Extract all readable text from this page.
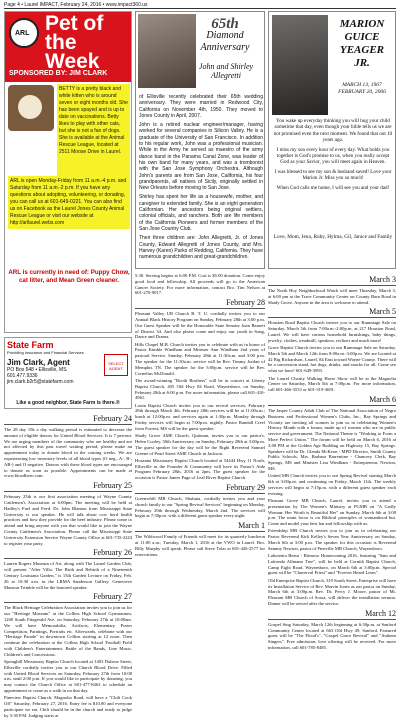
Page 4 • Laurel IMPACT, February 24, 2016 • www.impact360.us
ARL Pet of the Week
SPONSORED BY: JIM CLARK
BETTY is a pretty black and white kitten who is around seven or eight months old. She has been spayed and is up to date on vaccinations. Betty likes to play with other cats, but she is not a fan of dogs. She is available at the Animal Rescue League, located at 2511 Moose Drive in Laurel.
ARL is open Monday-Friday from 11 a.m.-4 p.m. and Saturday from 11 a.m.-2 p.m. If you have any questions about adopting, volunteering, or donating, you can call us at 601-649-0221. You can also find us on Facebook as the Laurel Jones County Animal Rescue League or visit our website at http://arllaurel.webs.com
ARL is currently in need of: Puppy Chow, cat litter, and Mean Green cleaner.
State Farm
Providing Insurance and Financial Services
Jim Clark, Agent
PO Box 548 • Ellisville, MS
601.477.9336
jim.clark.b2r5@statefarm.com
SELECT AGENT
Like a good neighbor, State Farm is there.®
February 24

The 28 day 15k a day walking period is estimated to decrease the amount of eligible donors for United Blood Services. It is 7 percent. We are urging members of the community who are healthy and are not affected by this past travel waiting period, please make an appointment today to donate blood in the coming weeks. We are experiencing low inventory levels of all blood types (O neg., A-, B-, AB-) and O negative. Donors with these blood types are encouraged to donate as soon as possible. Appointments can be made at www.bloodhero.com.

February 25

February 25th is our first association meeting of Wayne County Cattlemen's Association at 6:00pm. The meeting will be held at Hadley's Fuel and Feed. Dr. John Blanton from Mississippi State University is our speaker. He will talk about cow herd health practices and how they provide for the beef industry. Please come to attend and bring anyone with you that would like to join the Wayne County Cattlemen's Association. Please call the Mississippi State University Extension Service Wayne County Office at 601-735-2243 to register your party.

February 26

Lauren Rogers Museum of Art, along with The Laurel Garden Club, will present "After Villa: The Birth and Rebirth of a Nineteenth Century Louisiana Garden," is 13th Garden Lecture on Friday, Feb. 26 at 10:30 a.m. in the LRMA Sanderson Gallery. Genevieve Munson Trimble will be the honored speaker.

February 27

The Black Heritage Celebration Association invites you to join us for our "Heritage Museum" at the Collins High School Gymnasium, 1200 South Fitzgerald Ave. on Saturday, February 27th at 10:00am. We will have Memorabilia, Artifacts, Elementary Poster Competition, Paintings, Portraits etc. Afterwards, celebrate with our "Heritage Parade" in downtown Collins starting at 12 noon. Then continue the celebration at the Collins High School Football Field with Children's Entertainment, Battle of the Bands, Line Music, Children's and Concessions.

Springhill Missionary Baptist Church located at 1403 Dubose Street, Ellisville cordially invites you to our Church Blood Drive. Filled with United Blood Services on Saturday, February 27th from 10:00 a.m. until 2:00 p.m. If you would like to participate by donating, you may contact the Church Office at 601-477-8463 to schedule an appointment or come as a walk in on that day.

Pineview Baptist Church, Magnolia Road, will have a "Chili Cook Off" Saturday, February 27, 2016. Entry fee is $10.00 and everyone participate we eat. Chili should be in the church and ready to judge by 5:30 P.M. Judging starts at

65th
Diamond Anniversary
John and Shirley Allegretti

of Ellisville recently celebrated their 65th wedding anniversary. They were married in Redwood City, California on November 4th, 1950. They moved to Jones County in April, 2007.

John is a retired nuclear engineer/manager, having worked for several companies in Silicon Valley. He is a graduate of the University of San Francisco. In addition to his regular work, John was a professional musician. While in the Army he served as maestro of the army dance band in the Panama Canal Zone, was leader of his own band for many years, and was a trombonist with the San Jose Symphony Orchestra. Although John's parents are from San Jose, California, his four grandparents, all natives of Sicily, originally settled in New Orleans before moving to San Jose.

Shirley has spent her life as a housewife, mother, and caregiver to extended family. She is an eight generation Californian. Her ancestors being original settlers, colonial officials, and ranchers. Both are life members of the California Pioneers and former members of the San Jose Country Club.

Their three children are: John Allegretti, Jr. of Jones County, Edward Allegretti of Jones County, and Mrs. Harvey (Karen) Parks of Redding, California. They have numerous grandchildren and great-grandchildren.

5:30. Serving begins at 6:00 P.M. Cost is $5.00 donation. Come enjoy good food and fellowship. All proceeds will go to the American Cancer Society. For more information, contact Bro. Tim Nelson at 601-270-9017.

February 28

Pleasant Valley UB Church B. T. U. cordially invites you to our Annual Black History Program on Sunday, February 28th at 3:00 p.m. Our Guest Speaker will be the Honorable State Senator Juan Barnett of District 34. And also please come and enjoy our youth in Song, Dance and Drama.

Hills Chapel M.B. Church invites you to celebrate with us in honor of Pastor Kimble Windham and Minister Ann Windham 2nd years of pastoral Service. Sunday, February 28th at 11:30a.m. and 3:00 p.m. The speaker for the 11:30a.m. service will be Rev. Timmy Jordan of Memphis TN. The speaker for the 3:00p.m. service will be Rev. Cornelius McDonald.

The award-winning "Booth Brothers" will be in concert at Liberty Baptist Church, 405 Old Hwy 84 Road, Waynesboro, on Sunday, February 28th at 6:00 p.m. For more information, please call 601-410-4961.

Louin Baptist Church invites you to our revival services, February 28th through March 4th. February 28th services will be at 11:00a.m.; lunch at 12:00p.m. and services again at 1:30p.m. Monday through Friday services will begin at 7:00p.m. nightly. Pastor Randall Creel from Forrest, MS will be the guest speaker.

Shady Grove AME Church, Quitman, invites you to our pastor's, Helen Cooley, 50th Anniversary on Sunday, February 28th at 3:00p.m. The guest speaker for the day will be the Right Reverend Samuel Greene of Pearl Street AME Church in Jackson.

Hosanna Missionary Baptist Church located at 54444 Hwy 11 North, Ellisville as the Founder & Community will have its Pastor's Aide Program February 28th, 2016 at 2pm. The guest speaker for the occasion is Pastor James Page of Leaf River Baptist Church.

February 29

Greenwhill MB Church, Shubuta, cordially invites you and your church family to our "Spring Revival Services" beginning on Monday, February 29th through Wednesday, March 2nd. The services will begin at 7:30p.m. with a different guest speaker every night.

March 1

The Wildwood Family of Friends will meet for its quarterly luncheon at 11:00 a.m., Tuesday, March 1, 2016 at the VWO in Laurel. Bro. Billy Murphy will speak. Please call Steve Tolar at 601-426-2577 for reservations.

MARION GUICE YEAGER JR.
MARCH 13, 1967 FEBRUARY 20, 2006

You wake up everyday thinking you will hug your child sometime that day, even though your bible tells us we are not promised even the next moment. We found that out 10 years ago.

I miss my son every hour of every day. What holds you together is God's promise to us, when you really accept God as your Savior, you will meet again in Heaven.

I was blessed to see my son & husband saved! Love your Marion Jr. Miss you so much!

When God calls me home, I will see you and your dad!

Love, Mom, Jena, Ruby, Hylma, Gil, Janice and Family
March 3

The North Hoy Neighborhood Watch will meet Thursday, March 3, at 6:00 pm at the Trace Community Center on County Barn Road in Shady Grove. Anyone in the area is welcome to attend.

March 5

Houston Road Baptist Church invites you to our Rummage Sale on Saturday, March 5th from 7:00a.m.-2:00p.m. at 217 Houston Road, Laurel. We will have various household furnishings, baby things, jewelry, clothes, treadmill, speakers, recliner and much more!

Grace Baptist Church invites you to our Rummage Sale on Saturday, March 5th and March 12th from 8:00a.m.-3:00p.m. We are located at 42 Big Richardson, Laurel, 84 East toward Wayne County. There will be a concession stand, hot dogs, drinks, and snacks for all. Come see what we have! 601-649-3993.

The Laurel Charity Walking Horse Show will be at the Magnolia Center on Saturday, March 5th at 7:00p.m. For more information, call 601-466-3553 or 601-319-4691.

March 6

The Jasper County Adult Club of The National Association of Negro Business and Professional Women's Clubs, Inc., Bay Springs and Vicinity are inviting all women to join us in celebrating Women's History Month with a forum, made up of women who are in public service and government. The National Theme is "Working to Form a More Perfect Union." The forum will be held on March 6, 2016 at 3:00 PM at the Golden Age Building on Highway 15, Bay Springs. Speakers will be Dr. Glenda McKeon - MPD Director, Smith County Public Schools, Mrs. Barbara Barrentine - Chancery Clerk, Bay Springs, MS and Minister Lisa Windham - Entrepreneur, Newton, MS.

United MB Church invites you to our Spring Revival starting March 6th at 3:00p.m. and continuing on Friday, March 11th. The weekly services will begin at 7:15p.m. with a different guest speaker each evening.

Pleasant Grove MB Church, Laurel, invites you to attend a presentation by The Women's Ministry at PGMB on "A Godly Woman: Her Worth is Beautiful Her" on Sunday, March 6th at 3:00 p.m. The main focus is on Biblical principles of womanhood but. Come and model your best hat and fellowship with us.

Friendship MB Church invites you to join us in celebrating our Pastor Reverend Kirk Kelley's Seven Year Anniversary on Sunday, March 6th at 3:00 p.m. The speaker for this occasion is Reverend Sammy Newton, pastor of Pineville MB Church, Waynesboro.

Laborenia Beaut - Ritmoso Homecoming 2016, featuring "Sam and Lafronda Allmann Tree", will be held at Cornith Baptist Church, Camp Eight Road, Waynesboro, on March 6th at 3:00p.m. Special guest will be "Chaverval Priest" and "Forever Heard Lines".

Old Enterprise Baptist Church, 319 South Street, Enterprise will have its Installation Service of Rev. Marvin Jones as our pastor on Sunday, March 6th at 3:00p.m. Rev. Dr. Percy J. Moore, pastor of Mt. Pleasant MB Church of Sossa, will deliver the installation sermon. Dinner will be served after the service.

March 12

Gospel Sing Saturday, March 12th beginning at 6:30p.m. at Sanford Community Center located at 663 Old Hwy 49, Sanford. Featured guest will be "The Flood's", "Gospel Grace Revival" and "Anthem Singers". Free admission, love offering will be received. For more information, call 601-785-8485.
